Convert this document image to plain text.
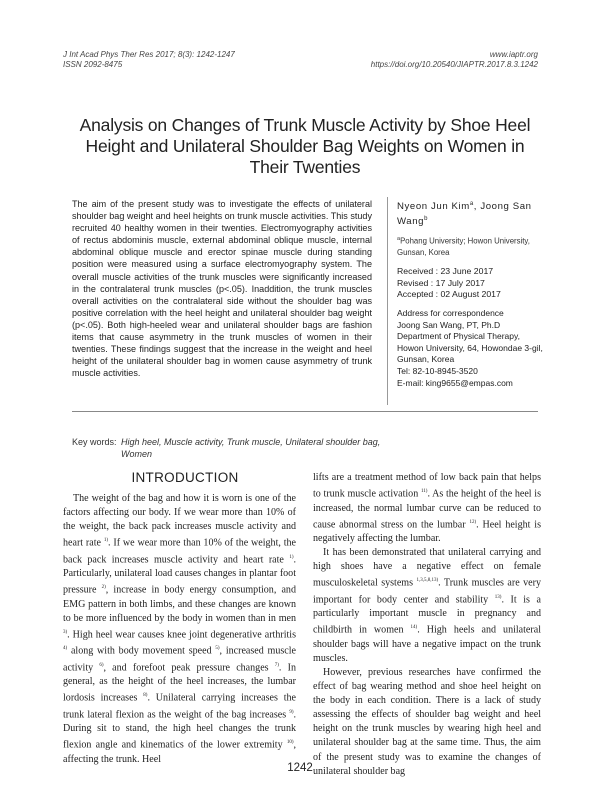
J Int Acad Phys Ther Res 2017; 8(3): 1242-1247
ISSN 2092-8475
www.iaptr.org
https://doi.org/10.20540/JIAPTR.2017.8.3.1242
Analysis on Changes of Trunk Muscle Activity by Shoe Heel Height and Unilateral Shoulder Bag Weights on Women in Their Twenties
The aim of the present study was to investigate the effects of unilateral shoulder bag weight and heel heights on trunk muscle activities. This study recruited 40 healthy women in their twenties. Electromyography activities of rectus abdominis muscle, external abdominal oblique muscle, internal abdominal oblique muscle and erector spinae muscle during standing position were measured using a surface electromyography system. The overall muscle activities of the trunk muscles were significantly increased in the contralateral trunk muscles (p<.05). Inaddition, the trunk muscles overall activities on the contralateral side without the shoulder bag was positive correlation with the heel height and unilateral shoulder bag weight (p<.05). Both high-heeled wear and unilateral shoulder bags are fashion items that cause asymmetry in the trunk muscles of women in their twenties. These findings suggest that the increase in the weight and heel height of the unilateral shoulder bag in women cause asymmetry of trunk muscle activities.
Nyeon Jun Kim$^a$, Joong San Wang$^b$
$^a$Pohang University; Howon University, Gunsan, Korea
Received : 23 June 2017
Revised : 17 July 2017
Accepted : 02 August 2017
Address for correspondence
Joong San Wang, PT, Ph.D
Department of Physical Therapy, Howon University, 64, Howondae 3-gil, Gunsan, Korea
Tel: 82-10-8945-3520
E-mail: king9655@empas.com
Key words: High heel, Muscle activity, Trunk muscle, Unilateral shoulder bag, Women
INTRODUCTION

The weight of the bag and how it is worn is one of the factors affecting our body. If we wear more than 10% of the weight, the back pack increases muscle activity and heart rate $^{1)}$. If we wear more than 10% of the weight, the back pack increases muscle activity and heart rate $^{1)}$. Particularly, unilateral load causes changes in plantar foot pressure $^{2)}$, increase in body energy consumption, and EMG pattern in both limbs, and these changes are known to be more influenced by the body in women than in men $^{3)}$. High heel wear causes knee joint degenerative arthritis $^{4)}$ along with body movement speed $^{5)}$, increased muscle activity $^{6)}$, and forefoot peak pressure changes $^{7)}$. In general, as the height of the heel increases, the lumbar lordosis increases $^{8)}$. Unilateral carrying increases the trunk lateral flexion as the weight of the bag increases $^{9)}$. During sit to stand, the high heel changes the trunk flexion angle and kinematics of the lower extremity $^{10)}$, affecting the trunk. Heel

lifts are a treatment method of low back pain that helps to trunk muscle activation $^{11)}$. As the height of the heel is increased, the normal lumbar curve can be reduced to cause abnormal stress on the lumbar $^{12)}$. Heel height is negatively affecting the lumbar.

It has been demonstrated that unilateral carrying and high shoes have a negative effect on female musculoskeletal systems $^{1,3,5,8,13)}$. Trunk muscles are very important for body center and stability $^{13)}$. It is a particularly important muscle in pregnancy and childbirth in women $^{14)}$. High heels and unilateral shoulder bags will have a negative impact on the trunk muscles.

However, previous researches have confirmed the effect of bag wearing method and shoe heel height on the body in each condition. There is a lack of study assessing the effects of shoulder bag weight and heel height on the trunk muscles by wearing high heel and unilateral shoulder bag at the same time. Thus, the aim of the present study was to examine the changes of unilateral shoulder bag

1242
